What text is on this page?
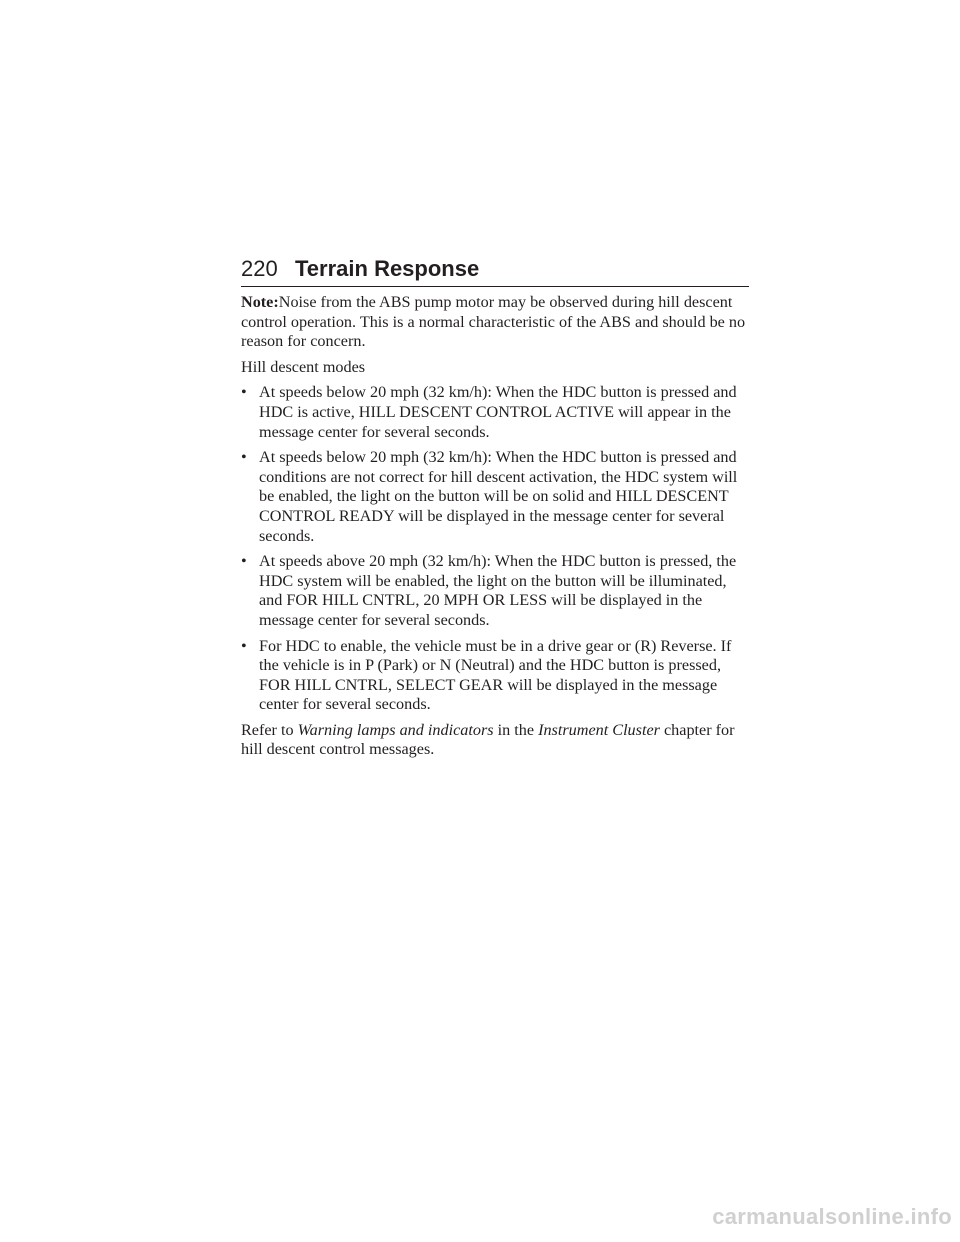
220 Terrain Response

Note:Noise from the ABS pump motor may be observed during hill descent control operation. This is a normal characteristic of the ABS and should be no reason for concern.

Hill descent modes

• At speeds below 20 mph (32 km/h): When the HDC button is pressed and HDC is active, HILL DESCENT CONTROL ACTIVE will appear in the message center for several seconds.
• At speeds below 20 mph (32 km/h): When the HDC button is pressed and conditions are not correct for hill descent activation, the HDC system will be enabled, the light on the button will be on solid and HILL DESCENT CONTROL READY will be displayed in the message center for several seconds.
• At speeds above 20 mph (32 km/h): When the HDC button is pressed, the HDC system will be enabled, the light on the button will be illuminated, and FOR HILL CNTRL, 20 MPH OR LESS will be displayed in the message center for several seconds.
• For HDC to enable, the vehicle must be in a drive gear or (R) Reverse. If the vehicle is in P (Park) or N (Neutral) and the HDC button is pressed, FOR HILL CNTRL, SELECT GEAR will be displayed in the message center for several seconds.

Refer to Warning lamps and indicators in the Instrument Cluster chapter for hill descent control messages.

carmanualsonline.info
